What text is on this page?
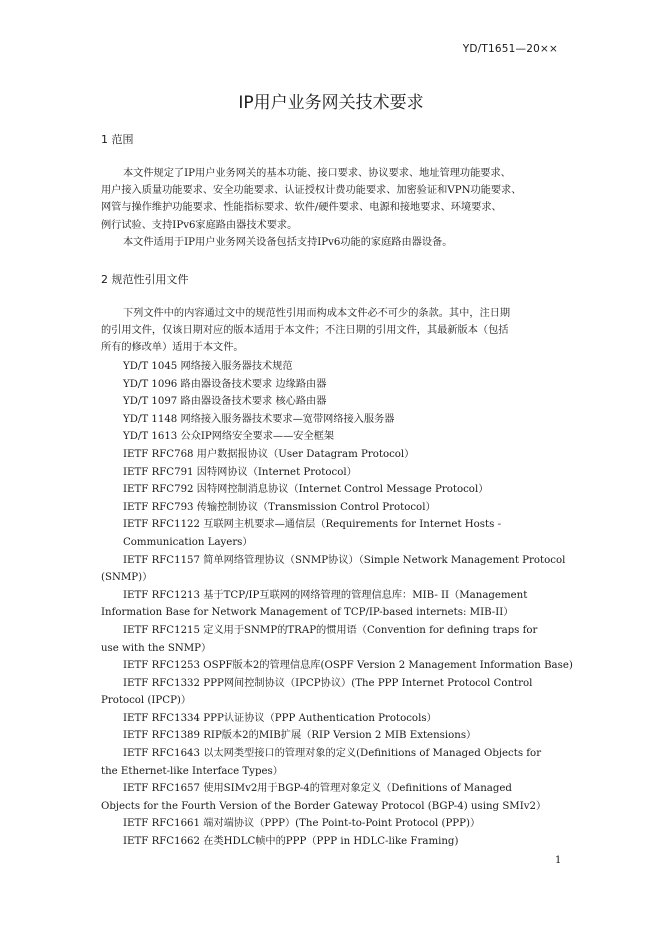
YD/T1651—20××
IP用户业务网关技术要求
1 范围
本文件规定了IP用户业务网关的基本功能、接口要求、协议要求、地址管理功能要求、
用户接入质量功能要求、安全功能要求、认证授权计费功能要求、加密验证和VPN功能要求、
网管与操作维护功能要求、性能指标要求、软件/硬件要求、电源和接地要求、环境要求、
例行试验、支持IPv6家庭路由器技术要求。
本文件适用于IP用户业务网关设备包括支持IPv6功能的家庭路由器设备。
2 规范性引用文件
下列文件中的内容通过文中的规范性引用而构成本文件必不可少的条款。其中，注日期
的引用文件，仅该日期对应的版本适用于本文件；不注日期的引用文件，其最新版本（包括
所有的修改单）适用于本文件。
YD/T 1045 网络接入服务器技术规范
YD/T 1096 路由器设备技术要求 边缘路由器
YD/T 1097 路由器设备技术要求 核心路由器
YD/T 1148 网络接入服务器技术要求—宽带网络接入服务器
YD/T 1613 公众IP网络安全要求——安全框架
IETF RFC768 用户数据报协议（User Datagram Protocol）
IETF RFC791 因特网协议（Internet Protocol）
IETF RFC792 因特网控制消息协议（Internet Control Message Protocol）
IETF RFC793 传输控制协议（Transmission Control Protocol）
IETF RFC1122 互联网主机要求—通信层（Requirements for Internet Hosts -
Communication Layers）
IETF RFC1157 简单网络管理协议（SNMP协议）（Simple Network Management Protocol
(SNMP)）
IETF RFC1213 基于TCP/IP互联网的网络管理的管理信息库：MIB- II（Management
Information Base for Network Management of TCP/IP-based internets: MIB-II）
IETF RFC1215 定义用于SNMP的TRAP的惯用语（Convention for defining traps for
use with the SNMP）
IETF RFC1253 OSPF版本2的管理信息库(OSPF Version 2 Management Information Base)
IETF RFC1332 PPP网间控制协议（IPCP协议）(The PPP Internet Protocol Control
Protocol (IPCP)）
IETF RFC1334 PPP认证协议（PPP Authentication Protocols）
IETF RFC1389 RIP版本2的MIB扩展（RIP Version 2 MIB Extensions）
IETF RFC1643 以太网类型接口的管理对象的定义(Definitions of Managed Objects for
the Ethernet-like Interface Types）
IETF RFC1657 使用SIMv2用于BGP-4的管理对象定义（Definitions of Managed
Objects for the Fourth Version of the Border Gateway Protocol (BGP-4) using SMIv2）
IETF RFC1661 端对端协议（PPP）(The Point-to-Point Protocol (PPP)）
IETF RFC1662 在类HDLC帧中的PPP（PPP in HDLC-like Framing)
1
